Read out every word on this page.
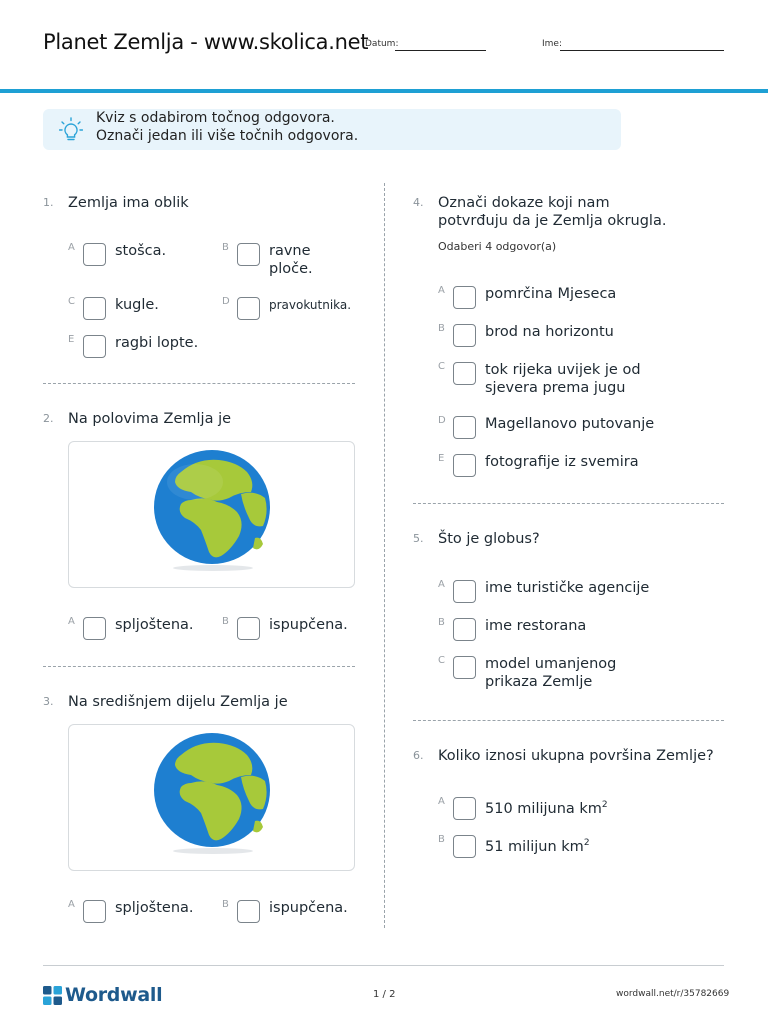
Planet Zemlja - www.skolica.net
Datum:	Ime:
Kviz s odabirom točnog odgovora.
Označi jedan ili više točnih odgovora.
1. Zemlja ima oblik
A	stošca.	B	ravne
ploče.
C	kugle.	D	pravokutnika.
E	ragbi lopte.
2. Na polovima Zemlja je
A	spljoštena.	B	ispupčena.
3. Na središnjem dijelu Zemlja je
A	spljoštena.	B	ispupčena.
4. Označi dokaze koji nam
potvrđuju da je Zemlja okrugla.
Odaberi 4 odgovor(a)
A	pomrčina Mjeseca
B	brod na horizontu
C	tok rijeka uvijek je od
sjevera prema jugu
D	Magellanovo putovanje
E	fotografije iz svemira
5. Što je globus?
A	ime turističke agencije
B	ime restorana
C	model umanjenog
prikaza Zemlje
6. Koliko iznosi ukupna površina Zemlje?
A	510 milijuna $km^2$
B	51 milijun $km^2$
Wordwall	1 / 2	wordwall.net/r/35782669
